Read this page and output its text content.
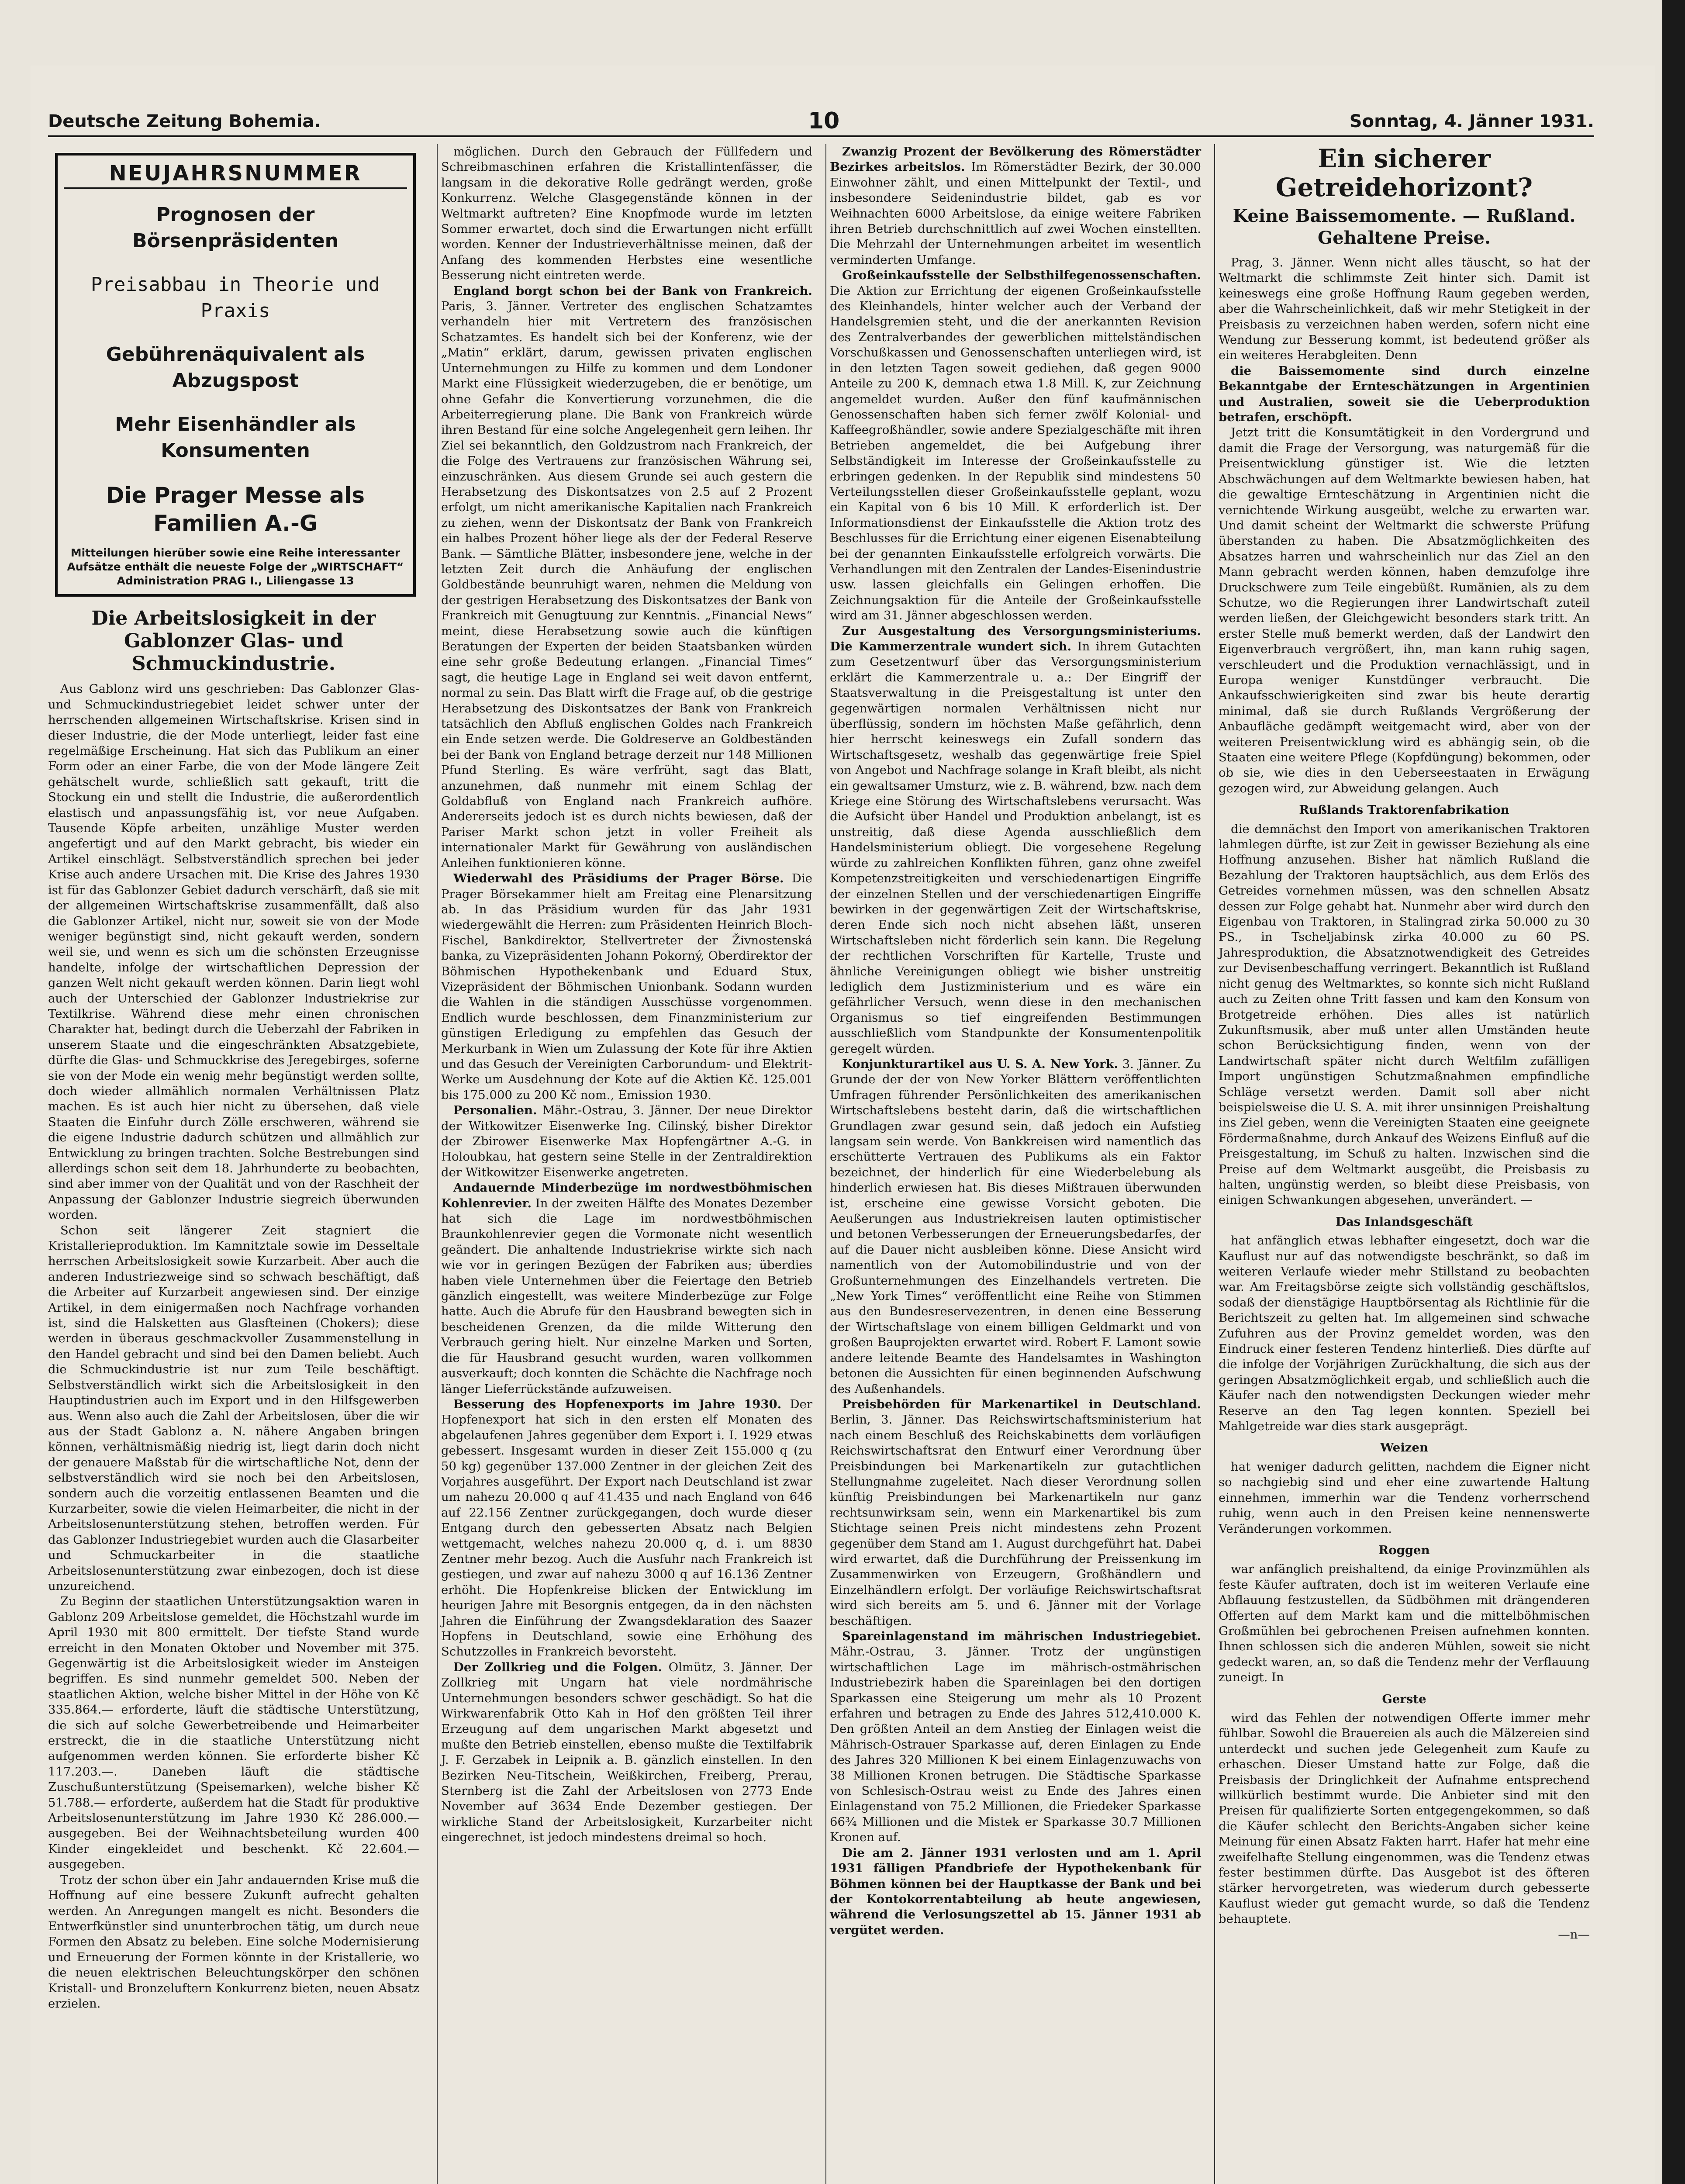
Deutsche Zeitung Bohemia.	10	Sonntag, 4. Jänner 1931.
NEUJAHRSNUMMER
Prognosen der Börsenpräsidenten
Preisabbau in Theorie und Praxis
Gebührenäquivalent als Abzugspost
Mehr Eisenhändler als Konsumenten
Die Prager Messe als Familien A.-G
Mitteilungen hierüber sowie eine Reihe interessanter Aufsätze enthält die neueste Folge der „WIRTSCHAFT“ Administration PRAG I., Liliengasse 13

Die Arbeitslosigkeit in der Gablonzer Glas- und Schmuckindustrie.

Aus Gablonz wird uns geschrieben: Das Gablonzer Glas- und Schmuckindustriegebiet leidet schwer unter der herrschenden allgemeinen Wirtschaftskrise. Krisen sind in dieser Industrie, die der Mode unterliegt, leider fast eine regelmäßige Erscheinung. Hat sich das Publikum an einer Form oder an einer Farbe, die von der Mode längere Zeit gehätschelt wurde, schließlich satt gekauft, tritt die Stockung ein und stellt die Industrie, die außerordentlich elastisch und anpassungsfähig ist, vor neue Aufgaben. Tausende Köpfe arbeiten, unzählige Muster werden angefertigt und auf den Markt gebracht, bis wieder ein Artikel einschlägt. Selbstverständlich sprechen bei jeder Krise auch andere Ursachen mit. Die Krise des Jahres 1930 ist für das Gablonzer Gebiet dadurch verschärft, daß sie mit der allgemeinen Wirtschaftskrise zusammenfällt, daß also die Gablonzer Artikel, nicht nur, soweit sie von der Mode weniger begünstigt sind, nicht gekauft werden, sondern weil sie, und wenn es sich um die schönsten Erzeugnisse handelte, infolge der wirtschaftlichen Depression der ganzen Welt nicht gekauft werden können. Darin liegt wohl auch der Unterschied der Gablonzer Industriekrise zur Textilkrise. Während diese mehr einen chronischen Charakter hat, bedingt durch die Ueberzahl der Fabriken in unserem Staate und die eingeschränkten Absatzgebiete, dürfte die Glas- und Schmuckkrise des Jeregebirges, soferne sie von der Mode ein wenig mehr begünstigt werden sollte, doch wieder allmählich normalen Verhältnissen Platz machen. Es ist auch hier nicht zu übersehen, daß viele Staaten die Einfuhr durch Zölle erschweren, während sie die eigene Industrie dadurch schützen und allmählich zur Entwicklung zu bringen trachten. Solche Bestrebungen sind allerdings schon seit dem 18. Jahrhunderte zu beobachten, sind aber immer von der Qualität und von der Raschheit der Anpassung der Gablonzer Industrie siegreich überwunden worden.

Schon seit längerer Zeit stagniert die Kristallerieproduktion. Im Kamnitztale sowie im Desseltale herrschen Arbeitslosigkeit sowie Kurzarbeit. Aber auch die anderen Industriezweige sind so schwach beschäftigt, daß die Arbeiter auf Kurzarbeit angewiesen sind. Der einzige Artikel, in dem einigermaßen noch Nachfrage vorhanden ist, sind die Halsketten aus Glasfteinen (Chokers); diese werden in überaus geschmackvoller Zusammenstellung in den Handel gebracht und sind bei den Damen beliebt. Auch die Schmuckindustrie ist nur zum Teile beschäftigt. Selbstverständlich wirkt sich die Arbeitslosigkeit in den Hauptindustrien auch im Export und in den Hilfsgewerben aus. Wenn also auch die Zahl der Arbeitslosen, über die wir aus der Stadt Gablonz a. N. nähere Angaben bringen können, verhältnismäßig niedrig ist, liegt darin doch nicht der genauere Maßstab für die wirtschaftliche Not, denn der selbstverständlich wird sie noch bei den Arbeitslosen, sondern auch die vorzeitig entlassenen Beamten und die Kurzarbeiter, sowie die vielen Heimarbeiter, die nicht in der Arbeitslosenunterstützung stehen, betroffen werden. Für das Gablonzer Industriegebiet wurden auch die Glasarbeiter und Schmuckarbeiter in die staatliche Arbeitslosenunterstützung zwar einbezogen, doch ist diese unzureichend.

Zu Beginn der staatlichen Unterstützungsaktion waren in Gablonz 209 Arbeitslose gemeldet, die Höchstzahl wurde im April 1930 mit 800 ermittelt. Der tiefste Stand wurde erreicht in den Monaten Oktober und November mit 375. Gegenwärtig ist die Arbeitslosigkeit wieder im Ansteigen begriffen. Es sind nunmehr gemeldet 500. Neben der staatlichen Aktion, welche bisher Mittel in der Höhe von Kč 335.864.— erforderte, läuft die städtische Unterstützung, die sich auf solche Gewerbetreibende und Heimarbeiter erstreckt, die in die staatliche Unterstützung nicht aufgenommen werden können. Sie erforderte bisher Kč 117.203.—. Daneben läuft die städtische Zuschußunterstützung (Speisemarken), welche bisher Kč 51.788.— erforderte, außerdem hat die Stadt für produktive Arbeitslosenunterstützung im Jahre 1930 Kč 286.000.— ausgegeben. Bei der Weihnachtsbeteilung wurden 400 Kinder eingekleidet und beschenkt. Kč 22.604.— ausgegeben.

Trotz der schon über ein Jahr andauernden Krise muß die Hoffnung auf eine bessere Zukunft aufrecht gehalten werden. An Anregungen mangelt es nicht. Besonders die Entwerfkünstler sind ununterbrochen tätig, um durch neue Formen den Absatz zu beleben. Eine solche Modernisierung und Erneuerung der Formen könnte in der Kristallerie, wo die neuen elektrischen Beleuchtungskörper den schönen Kristall- und Bronzeluftern Konkurrenz bieten, neuen Absatz erzielen.

möglichen. Durch den Gebrauch der Füllfedern und Schreibmaschinen erfahren die Kristallintenfässer, die langsam in die dekorative Rolle gedrängt werden, große Konkurrenz. Welche Glasgegenstände können in der Weltmarkt auftreten? Eine Knopfmode wurde im letzten Sommer erwartet, doch sind die Erwartungen nicht erfüllt worden. Kenner der Industrieverhältnisse meinen, daß der Anfang des kommenden Herbstes eine wesentliche Besserung nicht eintreten werde.

England borgt schon bei der Bank von Frankreich. Paris, 3. Jänner. Vertreter des englischen Schatzamtes verhandeln hier mit Vertretern des französischen Schatzamtes. Es handelt sich bei der Konferenz, wie der „Matin“ erklärt, darum, gewissen privaten englischen Unternehmungen zu Hilfe zu kommen und dem Londoner Markt eine Flüssigkeit wiederzugeben, die er benötige, um ohne Gefahr die Konvertierung vorzunehmen, die die Arbeiterregierung plane. Die Bank von Frankreich würde ihren Bestand für eine solche Angelegenheit gern leihen. Ihr Ziel sei bekanntlich, den Goldzustrom nach Frankreich, der die Folge des Vertrauens zur französischen Währung sei, einzuschränken. Aus diesem Grunde sei auch gestern die Herabsetzung des Diskontsatzes von 2.5 auf 2 Prozent erfolgt, um nicht amerikanische Kapitalien nach Frankreich zu ziehen, wenn der Diskontsatz der Bank von Frankreich ein halbes Prozent höher liege als der der Federal Reserve Bank. — Sämtliche Blätter, insbesondere jene, welche in der letzten Zeit durch die Anhäufung der englischen Goldbestände beunruhigt waren, nehmen die Meldung von der gestrigen Herabsetzung des Diskontsatzes der Bank von Frankreich mit Genugtuung zur Kenntnis. „Financial News“ meint, diese Herabsetzung sowie auch die künftigen Beratungen der Experten der beiden Staatsbanken würden eine sehr große Bedeutung erlangen. „Financial Times“ sagt, die heutige Lage in England sei weit davon entfernt, normal zu sein. Das Blatt wirft die Frage auf, ob die gestrige Herabsetzung des Diskontsatzes der Bank von Frankreich tatsächlich den Abfluß englischen Goldes nach Frankreich ein Ende setzen werde. Die Goldreserve an Goldbeständen bei der Bank von England betrage derzeit nur 148 Millionen Pfund Sterling. Es wäre verfrüht, sagt das Blatt, anzunehmen, daß nunmehr mit einem Schlag der Goldabfluß von England nach Frankreich aufhöre. Andererseits jedoch ist es durch nichts bewiesen, daß der Pariser Markt schon jetzt in voller Freiheit als internationaler Markt für Gewährung von ausländischen Anleihen funktionieren könne.

Wiederwahl des Präsidiums der Prager Börse. Die Prager Börsekammer hielt am Freitag eine Plenarsitzung ab. In das Präsidium wurden für das Jahr 1931 wiedergewählt die Herren: zum Präsidenten Heinrich Bloch-Fischel, Bankdirektor, Stellvertreter der Živnostenská banka, zu Vizepräsidenten Johann Pokorný, Oberdirektor der Böhmischen Hypothekenbank und Eduard Stux, Vizepräsident der Böhmischen Unionbank. Sodann wurden die Wahlen in die ständigen Ausschüsse vorgenommen. Endlich wurde beschlossen, dem Finanzministerium zur günstigen Erledigung zu empfehlen das Gesuch der Merkurbank in Wien um Zulassung der Kote für ihre Aktien und das Gesuch der Vereinigten Carborundum- und Elektrit-Werke um Ausdehnung der Kote auf die Aktien Kč. 125.001 bis 175.000 zu 200 Kč nom., Emission 1930.

Personalien. Mähr.-Ostrau, 3. Jänner. Der neue Direktor der Witkowitzer Eisenwerke Ing. Cilinský, bisher Direktor der Zbirower Eisenwerke Max Hopfengärtner A.-G. in Holoubkau, hat gestern seine Stelle in der Zentraldirektion der Witkowitzer Eisenwerke angetreten.

Andauernde Minderbezüge im nordwestböhmischen Kohlenrevier. In der zweiten Hälfte des Monates Dezember hat sich die Lage im nordwestböhmischen Braunkohlenrevier gegen die Vormonate nicht wesentlich geändert. Die anhaltende Industriekrise wirkte sich nach wie vor in geringen Bezügen der Fabriken aus; überdies haben viele Unternehmen über die Feiertage den Betrieb gänzlich eingestellt, was weitere Minderbezüge zur Folge hatte. Auch die Abrufe für den Hausbrand bewegten sich in bescheidenen Grenzen, da die milde Witterung den Verbrauch gering hielt. Nur einzelne Marken und Sorten, die für Hausbrand gesucht wurden, waren vollkommen ausverkauft; doch konnten die Schächte die Nachfrage noch länger Lieferrückstände aufzuweisen.

Besserung des Hopfenexports im Jahre 1930. Der Hopfenexport hat sich in den ersten elf Monaten des abgelaufenen Jahres gegenüber dem Export i. I. 1929 etwas gebessert. Insgesamt wurden in dieser Zeit 155.000 q (zu 50 kg) gegenüber 137.000 Zentner in der gleichen Zeit des Vorjahres ausgeführt. Der Export nach Deutschland ist zwar um nahezu 20.000 q auf 41.435 und nach England von 646 auf 22.156 Zentner zurückgegangen, doch wurde dieser Entgang durch den gebesserten Absatz nach Belgien wettgemacht, welches nahezu 20.000 q, d. i. um 8830 Zentner mehr bezog. Auch die Ausfuhr nach Frankreich ist gestiegen, und zwar auf nahezu 3000 q auf 16.136 Zentner erhöht. Die Hopfenkreise blicken der Entwicklung im heurigen Jahre mit Besorgnis entgegen, da in den nächsten Jahren die Einführung der Zwangsdeklaration des Saazer Hopfens in Deutschland, sowie eine Erhöhung des Schutzzolles in Frankreich bevorsteht.

Der Zollkrieg und die Folgen. Olmütz, 3. Jänner. Der Zollkrieg mit Ungarn hat viele nordmährische Unternehmungen besonders schwer geschädigt. So hat die Wirkwarenfabrik Otto Kah in Hof den größten Teil ihrer Erzeugung auf dem ungarischen Markt abgesetzt und mußte den Betrieb einstellen, ebenso mußte die Textilfabrik J. F. Gerzabek in Leipnik a. B. gänzlich einstellen. In den Bezirken Neu-Titschein, Weißkirchen, Freiberg, Prerau, Sternberg ist die Zahl der Arbeitslosen von 2773 Ende November auf 3634 Ende Dezember gestiegen. Der wirkliche Stand der Arbeitslosigkeit, Kurzarbeiter nicht eingerechnet, ist jedoch mindestens dreimal so hoch.

Zwanzig Prozent der Bevölkerung des Römerstädter Bezirkes arbeitslos. Im Römerstädter Bezirk, der 30.000 Einwohner zählt, und einen Mittelpunkt der Textil-, und insbesondere Seidenindustrie bildet, gab es vor Weihnachten 6000 Arbeitslose, da einige weitere Fabriken ihren Betrieb durchschnittlich auf zwei Wochen einstellten. Die Mehrzahl der Unternehmungen arbeitet im wesentlich verminderten Umfange.

Großeinkaufsstelle der Selbsthilfegenossenschaften. Die Aktion zur Errichtung der eigenen Großeinkaufsstelle des Kleinhandels, hinter welcher auch der Verband der Handelsgremien steht, und die der anerkannten Revision des Zentralverbandes der gewerblichen mittelständischen Vorschußkassen und Genossenschaften unterliegen wird, ist in den letzten Tagen soweit gediehen, daß gegen 9000 Anteile zu 200 K, demnach etwa 1.8 Mill. K, zur Zeichnung angemeldet wurden. Außer den fünf kaufmännischen Genossenschaften haben sich ferner zwölf Kolonial- und Kaffeegroßhändler, sowie andere Spezialgeschäfte mit ihren Betrieben angemeldet, die bei Aufgebung ihrer Selbständigkeit im Interesse der Großeinkaufsstelle zu erbringen gedenken. In der Republik sind mindestens 50 Verteilungsstellen dieser Großeinkaufsstelle geplant, wozu ein Kapital von 6 bis 10 Mill. K erforderlich ist. Der Informationsdienst der Einkaufsstelle die Aktion trotz des Beschlusses für die Errichtung einer eigenen Eisenabteilung bei der genannten Einkaufsstelle erfolgreich vorwärts. Die Verhandlungen mit den Zentralen der Landes-Eisenindustrie usw. lassen gleichfalls ein Gelingen erhoffen. Die Zeichnungsaktion für die Anteile der Großeinkaufsstelle wird am 31. Jänner abgeschlossen werden.

Zur Ausgestaltung des Versorgungsministeriums. Die Kammerzentrale wundert sich. In ihrem Gutachten zum Gesetzentwurf über das Versorgungsministerium erklärt die Kammerzentrale u. a.: Der Eingriff der Staatsverwaltung in die Preisgestaltung ist unter den gegenwärtigen normalen Verhältnissen nicht nur überflüssig, sondern im höchsten Maße gefährlich, denn hier herrscht keineswegs ein Zufall sondern das Wirtschaftsgesetz, weshalb das gegenwärtige freie Spiel von Angebot und Nachfrage solange in Kraft bleibt, als nicht ein gewaltsamer Umsturz, wie z. B. während, bzw. nach dem Kriege eine Störung des Wirtschaftslebens verursacht. Was die Aufsicht über Handel und Produktion anbelangt, ist es unstreitig, daß diese Agenda ausschließlich dem Handelsministerium obliegt. Die vorgesehene Regelung würde zu zahlreichen Konflikten führen, ganz ohne zweifel Kompetenzstreitigkeiten und verschiedenartigen Eingriffe der einzelnen Stellen und der verschiedenartigen Eingriffe bewirken in der gegenwärtigen Zeit der Wirtschaftskrise, deren Ende sich noch nicht absehen läßt, unseren Wirtschaftsleben nicht förderlich sein kann. Die Regelung der rechtlichen Vorschriften für Kartelle, Truste und ähnliche Vereinigungen obliegt wie bisher unstreitig lediglich dem Justizministerium und es wäre ein gefährlicher Versuch, wenn diese in den mechanischen Organismus so tief eingreifenden Bestimmungen ausschließlich vom Standpunkte der Konsumentenpolitik geregelt würden.

Konjunkturartikel aus U. S. A. New York. 3. Jänner. Zu Grunde der der von New Yorker Blättern veröffentlichten Umfragen führender Persönlichkeiten des amerikanischen Wirtschaftslebens besteht darin, daß die wirtschaftlichen Grundlagen zwar gesund sein, daß jedoch ein Aufstieg langsam sein werde. Von Bankkreisen wird namentlich das erschütterte Vertrauen des Publikums als ein Faktor bezeichnet, der hinderlich für eine Wiederbelebung als hinderlich erwiesen hat. Bis dieses Mißtrauen überwunden ist, erscheine eine gewisse Vorsicht geboten. Die Aeußerungen aus Industriekreisen lauten optimistischer und betonen Verbesserungen der Erneuerungsbedarfes, der auf die Dauer nicht ausbleiben könne. Diese Ansicht wird namentlich von der Automobilindustrie und von der Großunternehmungen des Einzelhandels vertreten. Die „New York Times“ veröffentlicht eine Reihe von Stimmen aus den Bundesreservezentren, in denen eine Besserung der Wirtschaftslage von einem billigen Geldmarkt und von großen Bauprojekten erwartet wird. Robert F. Lamont sowie andere leitende Beamte des Handelsamtes in Washington betonen die Aussichten für einen beginnenden Aufschwung des Außenhandels.

Preisbehörden für Markenartikel in Deutschland. Berlin, 3. Jänner. Das Reichswirtschaftsministerium hat nach einem Beschluß des Reichskabinetts dem vorläufigen Reichswirtschaftsrat den Entwurf einer Verordnung über Preisbindungen bei Markenartikeln zur gutachtlichen Stellungnahme zugeleitet. Nach dieser Verordnung sollen künftig Preisbindungen bei Markenartikeln nur ganz rechtsunwirksam sein, wenn ein Markenartikel bis zum Stichtage seinen Preis nicht mindestens zehn Prozent gegenüber dem Stand am 1. August durchgeführt hat. Dabei wird erwartet, daß die Durchführung der Preissenkung im Zusammenwirken von Erzeugern, Großhändlern und Einzelhändlern erfolgt. Der vorläufige Reichswirtschaftsrat wird sich bereits am 5. und 6. Jänner mit der Vorlage beschäftigen.

Spareinlagenstand im mährischen Industriegebiet. Mähr.-Ostrau, 3. Jänner. Trotz der ungünstigen wirtschaftlichen Lage im mährisch-ostmährischen Industriebezirk haben die Spareinlagen bei den dortigen Sparkassen eine Steigerung um mehr als 10 Prozent erfahren und betragen zu Ende des Jahres 512,410.000 K. Den größten Anteil an dem Anstieg der Einlagen weist die Mährisch-Ostrauer Sparkasse auf, deren Einlagen zu Ende des Jahres 320 Millionen K bei einem Einlagenzuwachs von 38 Millionen Kronen betrugen. Die Städtische Sparkasse von Schlesisch-Ostrau weist zu Ende des Jahres einen Einlagenstand von 75.2 Millionen, die Friedeker Sparkasse 66¾ Millionen und die Mistek er Sparkasse 30.7 Millionen Kronen auf.

Die am 2. Jänner 1931 verlosten und am 1. April 1931 fälligen Pfandbriefe der Hypothekenbank für Böhmen können bei der Hauptkasse der Bank und bei der Kontokorrentabteilung ab heute angewiesen, während die Verlosungszettel ab 15. Jänner 1931 ab vergütet werden.

Ein sicherer Getreidehorizont?

Keine Baissemomente. — Rußland. Gehaltene Preise.

Prag, 3. Jänner. Wenn nicht alles täuscht, so hat der Weltmarkt die schlimmste Zeit hinter sich. Damit ist keineswegs eine große Hoffnung Raum gegeben werden, aber die Wahrscheinlichkeit, daß wir mehr Stetigkeit in der Preisbasis zu verzeichnen haben werden, sofern nicht eine Wendung zur Besserung kommt, ist bedeutend größer als ein weiteres Herabgleiten. Denn

die Baissemomente sind durch einzelne Bekanntgabe der Ernteschätzungen in Argentinien und Australien, soweit sie die Ueberproduktion betrafen, erschöpft.

Jetzt tritt die Konsumtätigkeit in den Vordergrund und damit die Frage der Versorgung, was naturgemäß für die Preisentwicklung günstiger ist. Wie die letzten Abschwächungen auf dem Weltmarkte bewiesen haben, hat die gewaltige Ernteschätzung in Argentinien nicht die vernichtende Wirkung ausgeübt, welche zu erwarten war. Und damit scheint der Weltmarkt die schwerste Prüfung überstanden zu haben. Die Absatzmöglichkeiten des Absatzes harren und wahrscheinlich nur das Ziel an den Mann gebracht werden können, haben demzufolge ihre Druckschwere zum Teile eingebüßt. Rumänien, als zu dem Schutze, wo die Regierungen ihrer Landwirtschaft zuteil werden ließen, der Gleichgewicht besonders stark tritt. An erster Stelle muß bemerkt werden, daß der Landwirt den Eigenverbrauch vergrößert, ihn, man kann ruhig sagen, verschleudert und die Produktion vernachlässigt, und in Europa weniger Kunstdünger verbraucht. Die Ankaufsschwierigkeiten sind zwar bis heute derartig minimal, daß sie durch Rußlands Vergrößerung der Anbaufläche gedämpft weitgemacht wird, aber von der weiteren Preisentwicklung wird es abhängig sein, ob die Staaten eine weitere Pflege (Kopfdüngung) bekommen, oder ob sie, wie dies in den Ueberseestaaten in Erwägung gezogen wird, zur Abweidung gelangen. Auch

Rußlands Traktorenfabrikation

die demnächst den Import von amerikanischen Traktoren lahmlegen dürfte, ist zur Zeit in gewisser Beziehung als eine Hoffnung anzusehen. Bisher hat nämlich Rußland die Bezahlung der Traktoren hauptsächlich, aus dem Erlös des Getreides vornehmen müssen, was den schnellen Absatz dessen zur Folge gehabt hat. Nunmehr aber wird durch den Eigenbau von Traktoren, in Stalingrad zirka 50.000 zu 30 PS., in Tscheljabinsk zirka 40.000 zu 60 PS. Jahresproduktion, die Absatznotwendigkeit des Getreides zur Devisenbeschaffung verringert. Bekanntlich ist Rußland nicht genug des Weltmarktes, so konnte sich nicht Rußland auch zu Zeiten ohne Tritt fassen und kam den Konsum von Brotgetreide erhöhen. Dies alles ist natürlich Zukunftsmusik, aber muß unter allen Umständen heute schon Berücksichtigung finden, wenn von der Landwirtschaft später nicht durch Weltfilm zufälligen Import ungünstigen Schutzmaßnahmen empfindliche Schläge versetzt werden. Damit soll aber nicht beispielsweise die U. S. A. mit ihrer unsinnigen Preishaltung ins Ziel geben, wenn die Vereinigten Staaten eine geeignete Fördermaßnahme, durch Ankauf des Weizens Einfluß auf die Preisgestaltung, im Schuß zu halten. Inzwischen sind die Preise auf dem Weltmarkt ausgeübt, die Preisbasis zu halten, ungünstig werden, so bleibt diese Preisbasis, von einigen Schwankungen abgesehen, unverändert. —

Das Inlandsgeschäft

hat anfänglich etwas lebhafter eingesetzt, doch war die Kauflust nur auf das notwendigste beschränkt, so daß im weiteren Verlaufe wieder mehr Stillstand zu beobachten war. Am Freitagsbörse zeigte sich vollständig geschäftslos, sodaß der dienstägige Hauptbörsentag als Richtlinie für die Berichtszeit zu gelten hat. Im allgemeinen sind schwache Zufuhren aus der Provinz gemeldet worden, was den Eindruck einer festeren Tendenz hinterließ. Dies dürfte auf die infolge der Vorjährigen Zurückhaltung, die sich aus der geringen Absatzmöglichkeit ergab, und schließlich auch die Käufer nach den notwendigsten Deckungen wieder mehr Reserve an den Tag legen konnten. Speziell bei Mahlgetreide war dies stark ausgeprägt.

Weizen

hat weniger dadurch gelitten, nachdem die Eigner nicht so nachgiebig sind und eher eine zuwartende Haltung einnehmen, immerhin war die Tendenz vorherrschend ruhig, wenn auch in den Preisen keine nennenswerte Veränderungen vorkommen.

Roggen

war anfänglich preishaltend, da einige Provinzmühlen als feste Käufer auftraten, doch ist im weiteren Verlaufe eine Abflauung festzustellen, da Südböhmen mit drängenderen Offerten auf dem Markt kam und die mittelböhmischen Großmühlen bei gebrochenen Preisen aufnehmen konnten. Ihnen schlossen sich die anderen Mühlen, soweit sie nicht gedeckt waren, an, so daß die Tendenz mehr der Verflauung zuneigt. In

Gerste

wird das Fehlen der notwendigen Offerte immer mehr fühlbar. Sowohl die Brauereien als auch die Mälzereien sind unterdeckt und suchen jede Gelegenheit zum Kaufe zu erhaschen. Dieser Umstand hatte zur Folge, daß die Preisbasis der Dringlichkeit der Aufnahme entsprechend willkürlich bestimmt wurde. Die Anbieter sind mit den Preisen für qualifizierte Sorten entgegengekommen, so daß die Käufer schlecht den Berichts-Angaben sicher keine Meinung für einen Absatz Fakten harrt. Hafer hat mehr eine zweifelhafte Stellung eingenommen, was die Tendenz etwas fester bestimmen dürfte. Das Ausgebot ist des öfteren stärker hervorgetreten, was wiederum durch gebesserte Kauflust wieder gut gemacht wurde, so daß die Tendenz behauptete.

—n—
